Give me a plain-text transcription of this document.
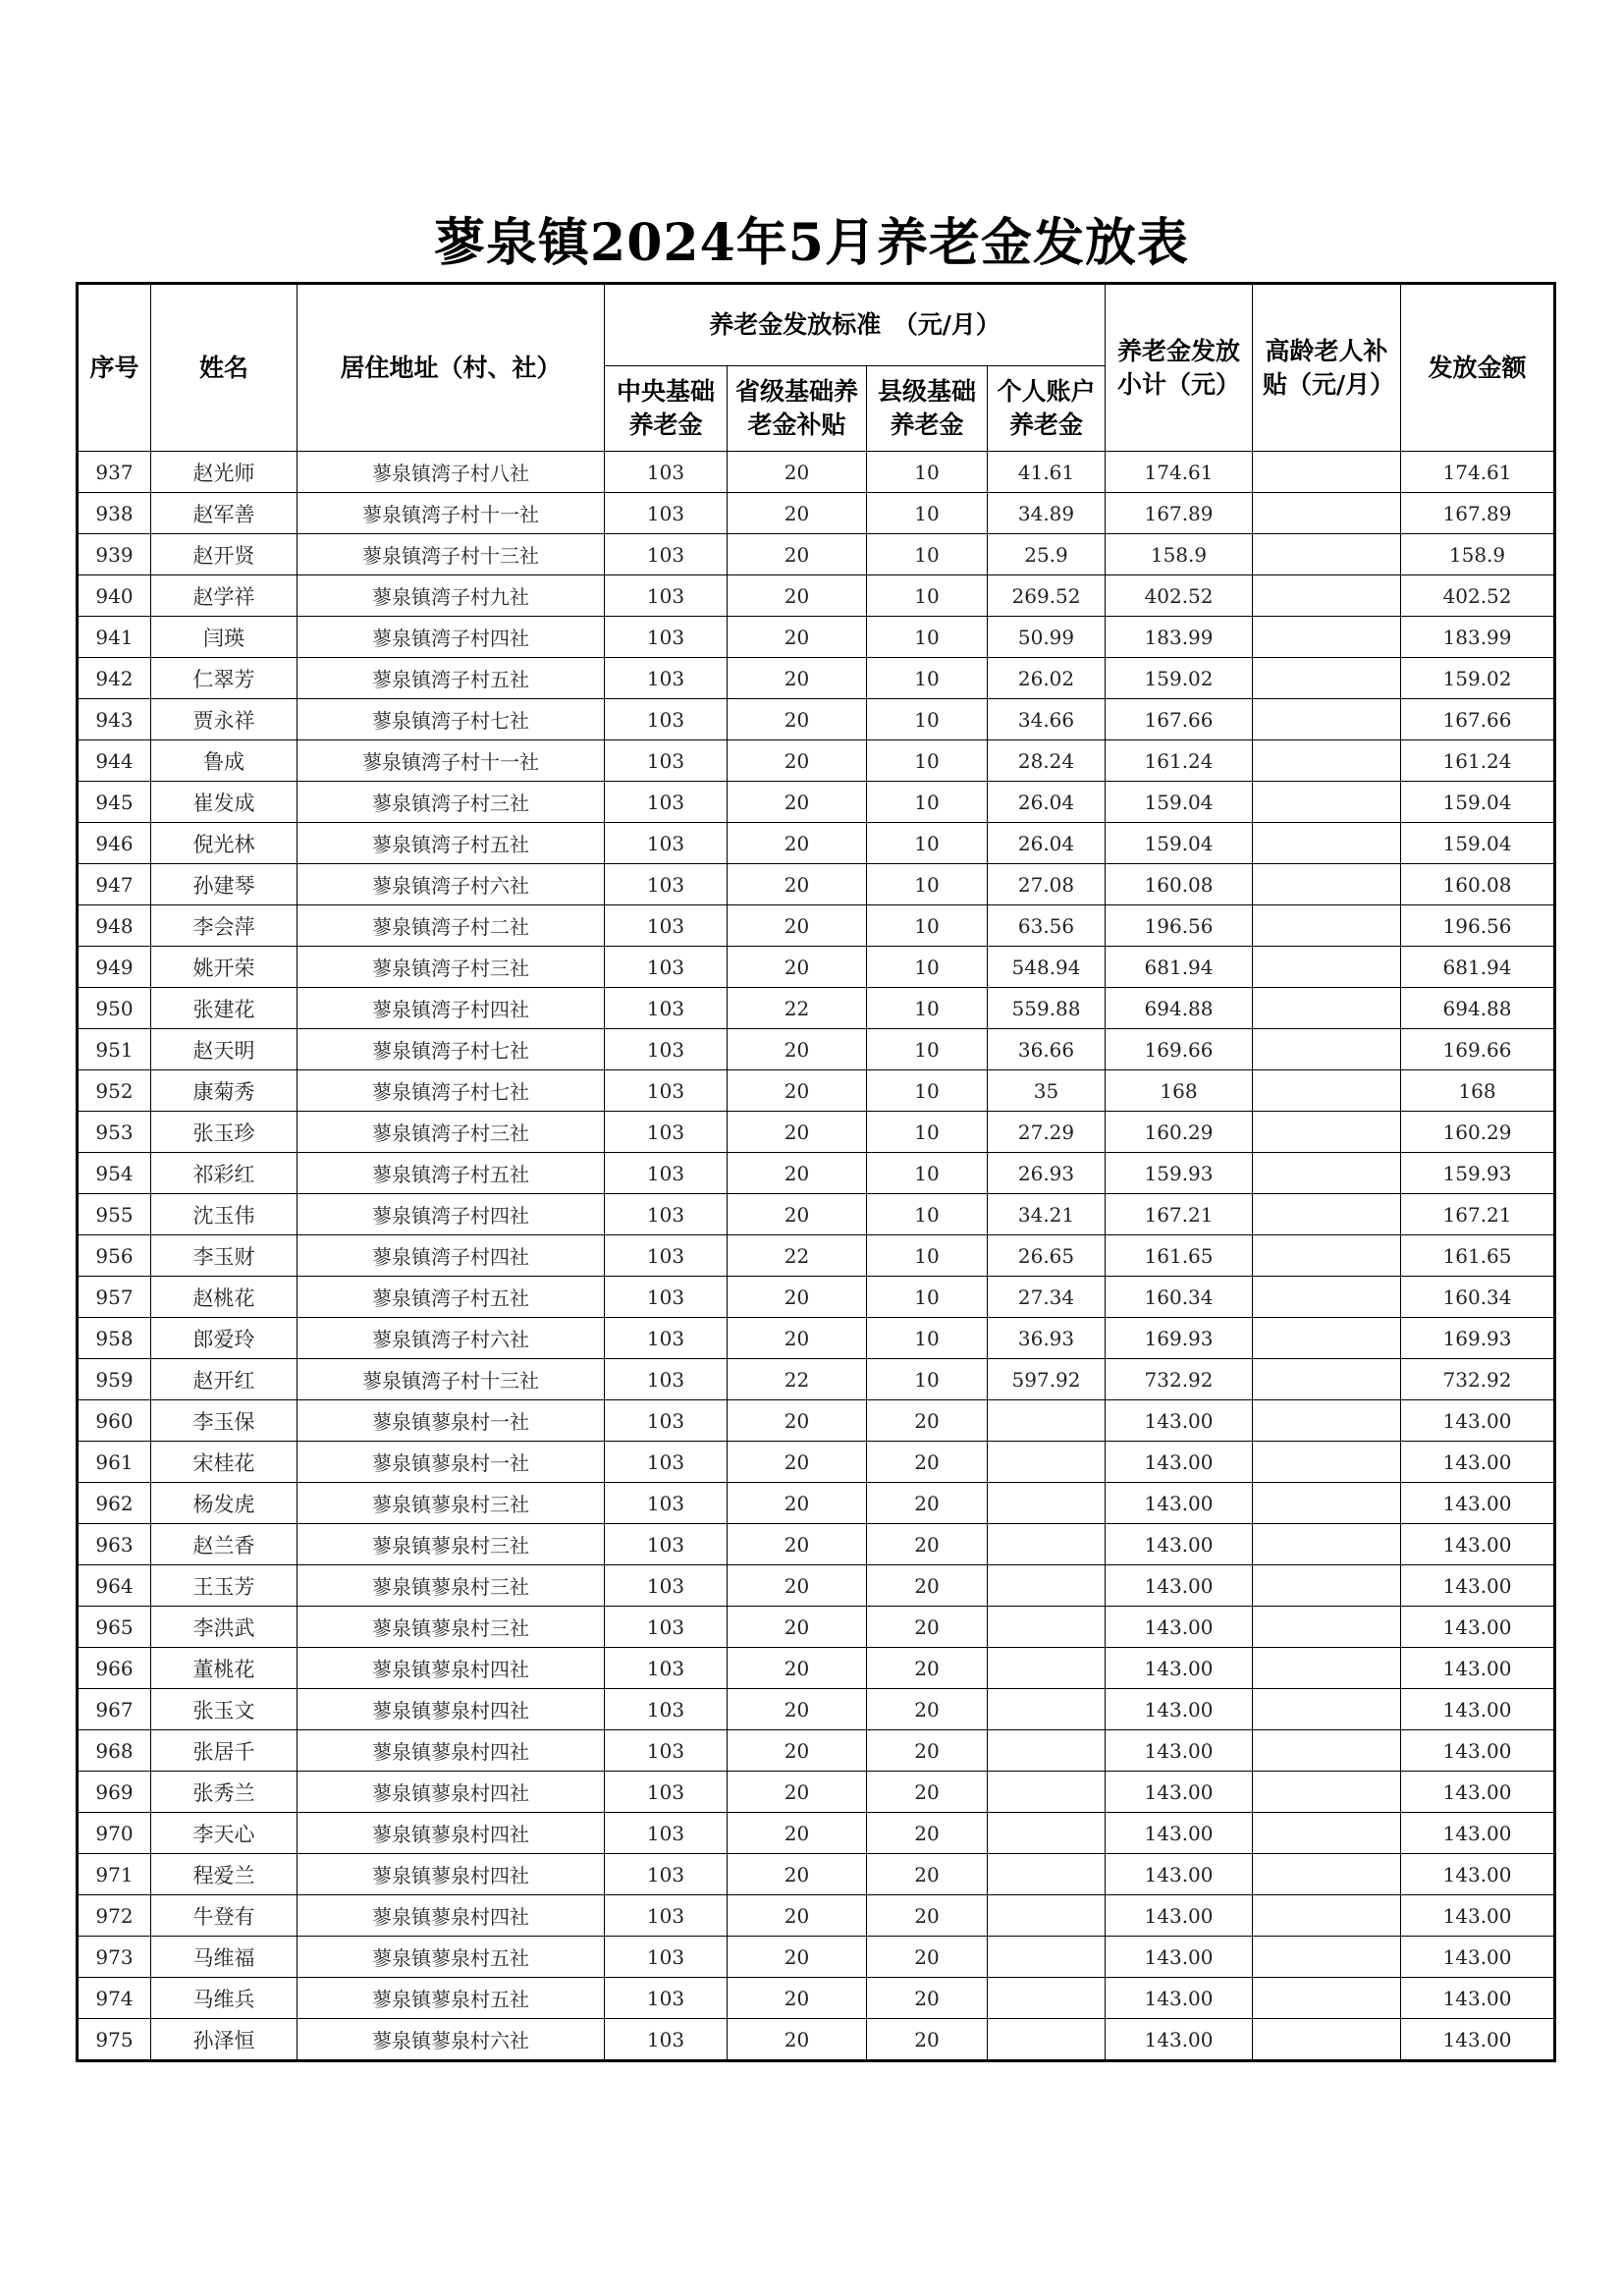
蓼泉镇2024年5月养老金发放表
序号	姓名	居住地址（村、社）	养老金发放标准　（元/月）				养老金发放小计（元）	高龄老人补贴（元/月）	发放金额
			中央基础养老金	省级基础养老金补贴	县级基础养老金	个人账户养老金			
937	赵光师	蓼泉镇湾子村八社	103	20	10	41.61	174.61		174.61
938	赵军善	蓼泉镇湾子村十一社	103	20	10	34.89	167.89		167.89
939	赵开贤	蓼泉镇湾子村十三社	103	20	10	25.9	158.9		158.9
940	赵学祥	蓼泉镇湾子村九社	103	20	10	269.52	402.52		402.52
941	闫瑛	蓼泉镇湾子村四社	103	20	10	50.99	183.99		183.99
942	仁翠芳	蓼泉镇湾子村五社	103	20	10	26.02	159.02		159.02
943	贾永祥	蓼泉镇湾子村七社	103	20	10	34.66	167.66		167.66
944	鲁成	蓼泉镇湾子村十一社	103	20	10	28.24	161.24		161.24
945	崔发成	蓼泉镇湾子村三社	103	20	10	26.04	159.04		159.04
946	倪光林	蓼泉镇湾子村五社	103	20	10	26.04	159.04		159.04
947	孙建琴	蓼泉镇湾子村六社	103	20	10	27.08	160.08		160.08
948	李会萍	蓼泉镇湾子村二社	103	20	10	63.56	196.56		196.56
949	姚开荣	蓼泉镇湾子村三社	103	20	10	548.94	681.94		681.94
950	张建花	蓼泉镇湾子村四社	103	22	10	559.88	694.88		694.88
951	赵天明	蓼泉镇湾子村七社	103	20	10	36.66	169.66		169.66
952	康菊秀	蓼泉镇湾子村七社	103	20	10	35	168		168
953	张玉珍	蓼泉镇湾子村三社	103	20	10	27.29	160.29		160.29
954	祁彩红	蓼泉镇湾子村五社	103	20	10	26.93	159.93		159.93
955	沈玉伟	蓼泉镇湾子村四社	103	20	10	34.21	167.21		167.21
956	李玉财	蓼泉镇湾子村四社	103	22	10	26.65	161.65		161.65
957	赵桃花	蓼泉镇湾子村五社	103	20	10	27.34	160.34		160.34
958	郎爱玲	蓼泉镇湾子村六社	103	20	10	36.93	169.93		169.93
959	赵开红	蓼泉镇湾子村十三社	103	22	10	597.92	732.92		732.92
960	李玉保	蓼泉镇蓼泉村一社	103	20	20		143.00		143.00
961	宋桂花	蓼泉镇蓼泉村一社	103	20	20		143.00		143.00
962	杨发虎	蓼泉镇蓼泉村三社	103	20	20		143.00		143.00
963	赵兰香	蓼泉镇蓼泉村三社	103	20	20		143.00		143.00
964	王玉芳	蓼泉镇蓼泉村三社	103	20	20		143.00		143.00
965	李洪武	蓼泉镇蓼泉村三社	103	20	20		143.00		143.00
966	董桃花	蓼泉镇蓼泉村四社	103	20	20		143.00		143.00
967	张玉文	蓼泉镇蓼泉村四社	103	20	20		143.00		143.00
968	张居千	蓼泉镇蓼泉村四社	103	20	20		143.00		143.00
969	张秀兰	蓼泉镇蓼泉村四社	103	20	20		143.00		143.00
970	李天心	蓼泉镇蓼泉村四社	103	20	20		143.00		143.00
971	程爱兰	蓼泉镇蓼泉村四社	103	20	20		143.00		143.00
972	牛登有	蓼泉镇蓼泉村四社	103	20	20		143.00		143.00
973	马维福	蓼泉镇蓼泉村五社	103	20	20		143.00		143.00
974	马维兵	蓼泉镇蓼泉村五社	103	20	20		143.00		143.00
975	孙泽恒	蓼泉镇蓼泉村六社	103	20	20		143.00		143.00
